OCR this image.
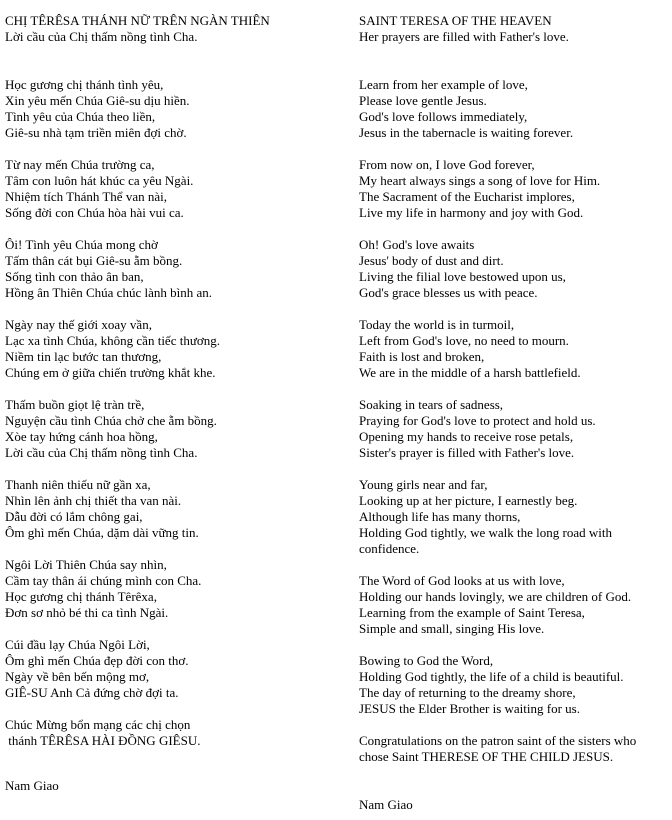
CHỊ TÊRÊSA THÁNH NỮ TRÊN NGÀN THIÊN
Lời cầu của Chị thấm nồng tình Cha.
Học gương chị thánh tình yêu,
Xin yêu mến Chúa Giê-su dịu hiền.
Tình yêu của Chúa theo liền,
Giê-su nhà tạm triền miên đợi chờ.
Từ nay mến Chúa trường ca,
Tâm con luôn hát khúc ca yêu Ngài.
Nhiệm tích Thánh Thể van nài,
Sống đời con Chúa hòa hài vui ca.
Ôi! Tình yêu Chúa mong chờ
Tấm thân cát bụi Giê-su ẵm bồng.
Sống tình con thảo ân ban,
Hồng ân Thiên Chúa chúc lành bình an.
Ngày nay thế giới xoay vần,
Lạc xa tình Chúa, không cần tiếc thương.
Niềm tin lạc bước tan thương,
Chúng em ở giữa chiến trường khắt khe.
Thấm buồn giọt lệ tràn trề,
Nguyện cầu tình Chúa chở che ẵm bồng.
Xòe tay hứng cánh hoa hồng,
Lời cầu của Chị thấm nồng tình Cha.
Thanh niên thiếu nữ gần xa,
Nhìn lên ảnh chị thiết tha van nài.
Dẫu đời có lắm chông gai,
Ôm ghì mến Chúa, dặm dài vững tin.
Ngôi Lời Thiên Chúa say nhìn,
Cầm tay thân ái chúng mình con Cha.
Học gương chị thánh Têrêxa,
Đơn sơ nhỏ bé thi ca tình Ngài.
Cúi đầu lạy Chúa Ngôi Lời,
Ôm ghì mến Chúa đẹp đời con thơ.
Ngày về bên bến mộng mơ,
GIÊ-SU Anh Cả đứng chờ đợi ta.
Chúc Mừng bổn mạng các chị chọn
thánh TÊRÊSA HÀI ĐỒNG GIÊSU.
Nam Giao
SAINT TERESA OF THE HEAVEN
Her prayers are filled with Father's love.
Learn from her example of love,
Please love gentle Jesus.
God's love follows immediately,
Jesus in the tabernacle is waiting forever.
From now on, I love God forever,
My heart always sings a song of love for Him.
The Sacrament of the Eucharist implores,
Live my life in harmony and joy with God.
Oh! God's love awaits
Jesus' body of dust and dirt.
Living the filial love bestowed upon us,
God's grace blesses us with peace.
Today the world is in turmoil,
Left from God's love, no need to mourn.
Faith is lost and broken,
We are in the middle of a harsh battlefield.
Soaking in tears of sadness,
Praying for God's love to protect and hold us.
Opening my hands to receive rose petals,
Sister's prayer is filled with Father's love.
Young girls near and far,
Looking up at her picture, I earnestly beg.
Although life has many thorns,
Holding God tightly, we walk the long road with confidence.
The Word of God looks at us with love,
Holding our hands lovingly, we are children of God.
Learning from the example of Saint Teresa,
Simple and small, singing His love.
Bowing to God the Word,
Holding God tightly, the life of a child is beautiful.
The day of returning to the dreamy shore,
JESUS the Elder Brother is waiting for us.
Congratulations on the patron saint of the sisters who chose Saint THERESE OF THE CHILD JESUS.
Nam Giao
